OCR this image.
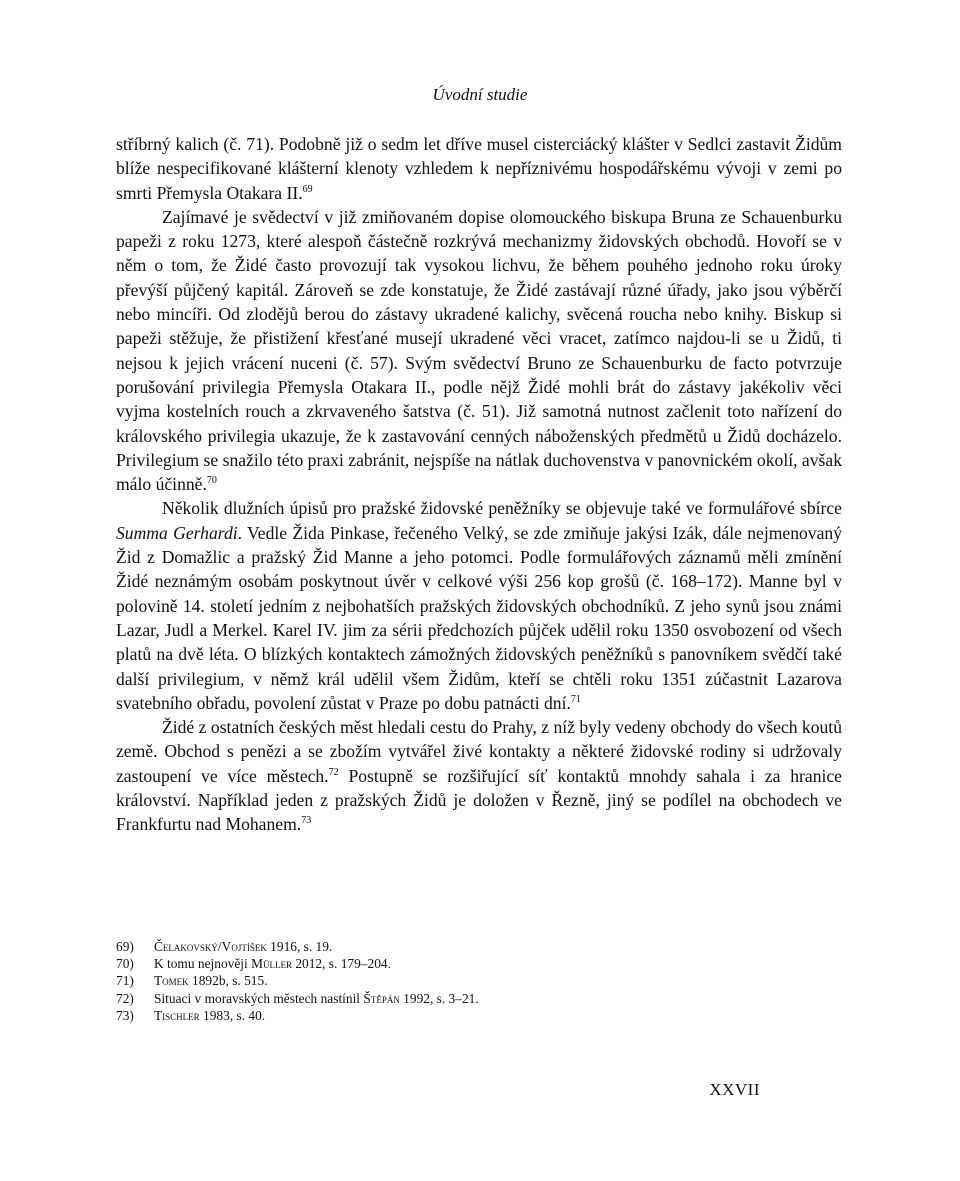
Úvodní studie

stříbrný kalich (č. 71). Podobně již o sedm let dříve musel cisterciácký klášter v Sedlci zastavit Židům blíže nespecifikované klášterní klenoty vzhledem k nepříznivému hospodářskému vývoji v zemi po smrti Přemysla Otakara II.$^{69}$

Zajímavé je svědectví v již zmiňovaném dopise olomouckého biskupa Bruna ze Schauenburku papeži z roku 1273, které alespoň částečně rozkrývá mechanizmy židovských obchodů. Hovoří se v něm o tom, že Židé často provozují tak vysokou lichvu, že během pouhého jednoho roku úroky převýší půjčený kapitál. Zároveň se zde konstatuje, že Židé zastávají různé úřady, jako jsou výběrčí nebo mincíři. Od zlodějů berou do zástavy ukradené kalichy, svěcená roucha nebo knihy. Biskup si papeži stěžuje, že přistižení křesťané musejí ukradené věci vracet, zatímco najdou-li se u Židů, ti nejsou k jejich vrácení nuceni (č. 57). Svým svědectví Bruno ze Schauenburku de facto potvrzuje porušování privilegia Přemysla Otakara II., podle nějž Židé mohli brát do zástavy jakékoliv věci vyjma kostelních rouch a zkrvaveného šatstva (č. 51). Již samotná nutnost začlenit toto nařízení do královského privilegia ukazuje, že k zastavování cenných náboženských předmětů u Židů docházelo. Privilegium se snažilo této praxi zabránit, nejspíše na nátlak duchovenstva v panovnickém okolí, avšak málo účinně.$^{70}$

Několik dlužních úpisů pro pražské židovské peněžníky se objevuje také ve formulářové sbírce Summa Gerhardi. Vedle Žida Pinkase, řečeného Velký, se zde zmiňuje jakýsi Izák, dále nejmenovaný Žid z Domažlic a pražský Žid Manne a jeho potomci. Podle formulářových záznamů měli zmínění Židé neznámým osobám poskytnout úvěr v celkové výši 256 kop grošů (č. 168–172). Manne byl v polovině 14. století jedním z nejbohatších pražských židovských obchodníků. Z jeho synů jsou známi Lazar, Judl a Merkel. Karel IV. jim za sérii předchozích půjček udělil roku 1350 osvobození od všech platů na dvě léta. O blízkých kontaktech zámožných židovských peněžníků s panovníkem svědčí také další privilegium, v němž král udělil všem Židům, kteří se chtěli roku 1351 zúčastnit Lazarova svatebního obřadu, povolení zůstat v Praze po dobu patnácti dní.$^{71}$

Židé z ostatních českých měst hledali cestu do Prahy, z níž byly vedeny obchody do všech koutů země. Obchod s penězi a se zbožím vytvářel živé kontakty a některé židovské rodiny si udržovaly zastoupení ve více městech.$^{72}$ Postupně se rozšiřující síť kontaktů mnohdy sahala i za hranice království. Například jeden z pražských Židů je doložen v Řezně, jiný se podílel na obchodech ve Frankfurtu nad Mohanem.$^{73}$

69)	Čelakovský/Vojtíšek 1916, s. 19.
70)	K tomu nejnověji Müller 2012, s. 179–204.
71)	Tomek 1892b, s. 515.
72)	Situaci v moravských městech nastínil Štěpán 1992, s. 3–21.
73)	Tischler 1983, s. 40.
XXVII
